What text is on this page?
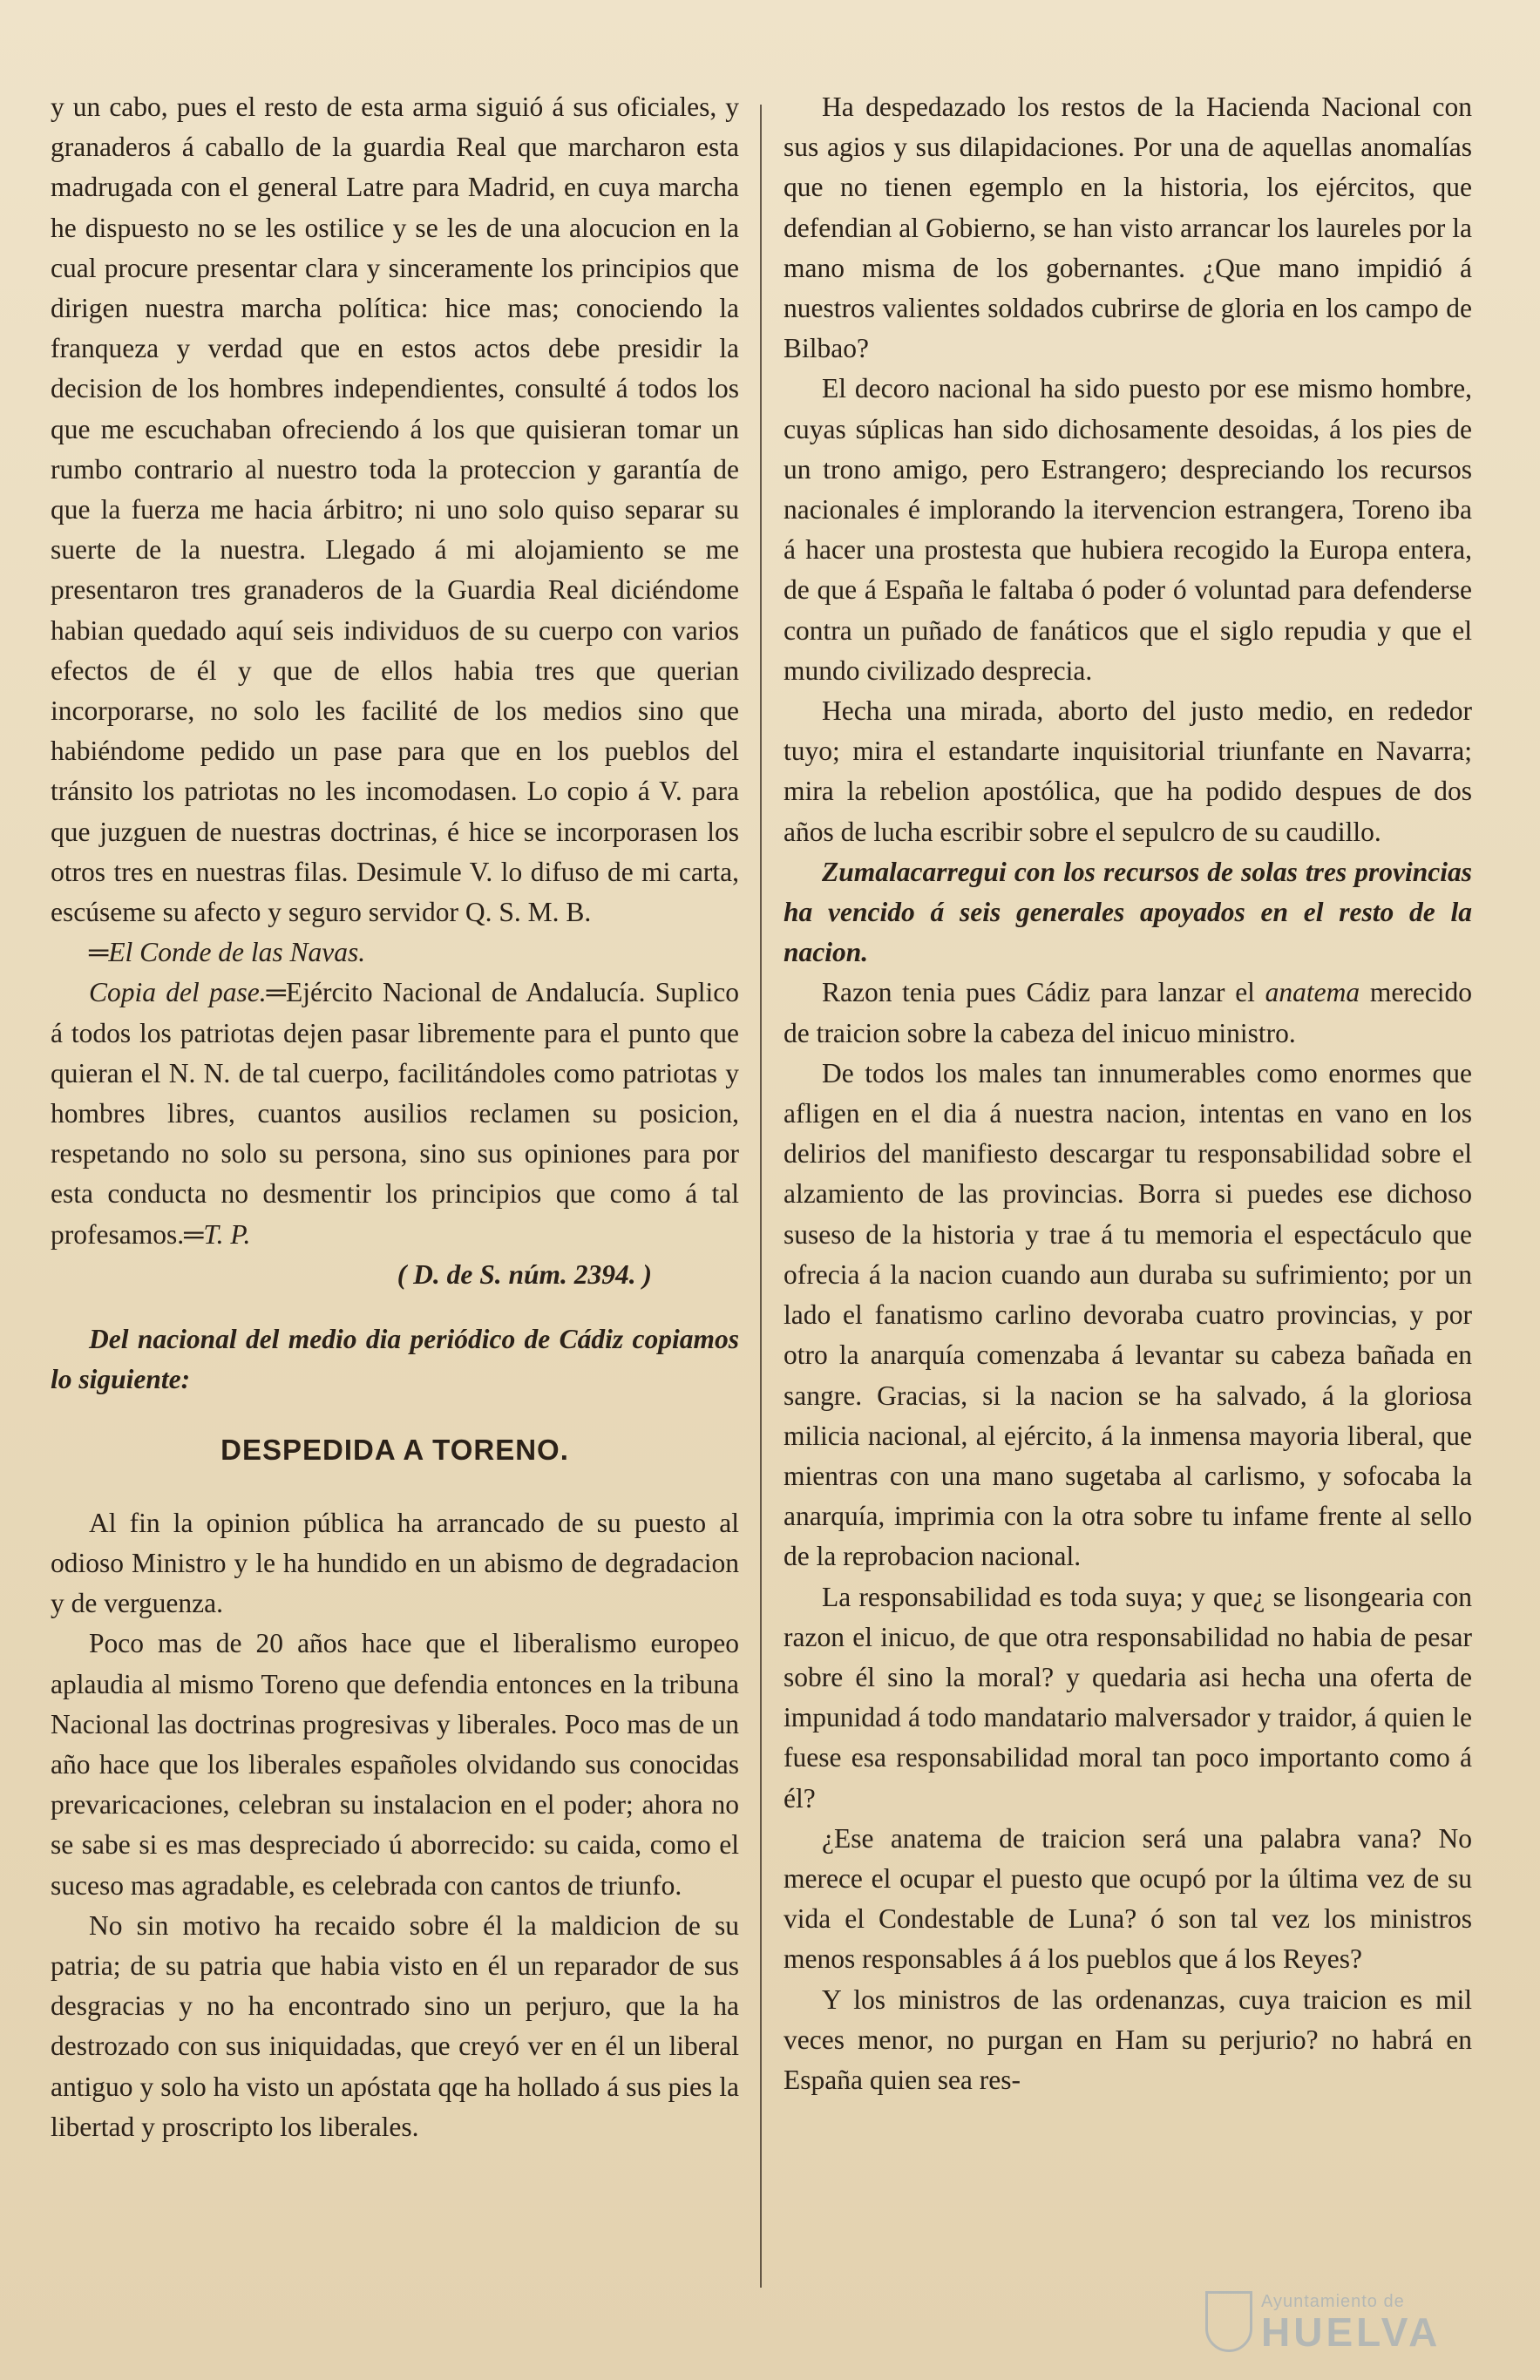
y un cabo, pues el resto de esta arma siguió á sus oficiales, y granaderos á caballo de la guardia Real que marcharon esta madrugada con el general Latre para Madrid, en cuya marcha he dispuesto no se les ostilice y se les de una alocucion en la cual procure presentar clara y sinceramente los principios que dirigen nuestra marcha política: hice mas; conociendo la franqueza y verdad que en estos actos debe presidir la decision de los hombres independientes, consulté á todos los que me escuchaban ofreciendo á los que quisieran tomar un rumbo contrario al nuestro toda la proteccion y garantía de que la fuerza me hacia árbitro; ni uno solo quiso separar su suerte de la nuestra. Llegado á mi alojamiento se me presentaron tres granaderos de la Guardia Real diciéndome habian quedado aquí seis individuos de su cuerpo con varios efectos de él y que de ellos habia tres que querian incorporarse, no solo les facilité de los medios sino que habiéndome pedido un pase para que en los pueblos del tránsito los patriotas no les incomodasen. Lo copio á V. para que juzguen de nuestras doctrinas, é hice se incorporasen los otros tres en nuestras filas. Desimule V. lo difuso de mi carta, escúseme su afecto y seguro servidor Q. S. M. B.

═El Conde de las Navas.

Copia del pase.═Ejército Nacional de Andalucía. Suplico á todos los patriotas dejen pasar libremente para el punto que quieran el N. N. de tal cuerpo, facilitándoles como patriotas y hombres libres, cuantos ausilios reclamen su posicion, respetando no solo su persona, sino sus opiniones para por esta conducta no desmentir los principios que como á tal profesamos.═T. P.

( D. de S. núm. 2394. )

Del nacional del medio dia periódico de Cádiz copiamos lo siguiente:

DESPEDIDA A TORENO.

Al fin la opinion pública ha arrancado de su puesto al odioso Ministro y le ha hundido en un abismo de degradacion y de verguenza.

Poco mas de 20 años hace que el liberalismo europeo aplaudia al mismo Toreno que defendia entonces en la tribuna Nacional las doctrinas progresivas y liberales. Poco mas de un año hace que los liberales españoles olvidando sus conocidas prevaricaciones, celebran su instalacion en el poder; ahora no se sabe si es mas despreciado ú aborrecido: su caida, como el suceso mas agradable, es celebrada con cantos de triunfo.

No sin motivo ha recaido sobre él la maldicion de su patria; de su patria que habia visto en él un reparador de sus desgracias y no ha encontrado sino un perjuro, que la ha destrozado con sus iniquidadas, que creyó ver en él un liberal antiguo y solo ha visto un apóstata qqe ha hollado á sus pies la libertad y proscripto los liberales.

Ha despedazado los restos de la Hacienda Nacional con sus agios y sus dilapidaciones. Por una de aquellas anomalías que no tienen egemplo en la historia, los ejércitos, que defendian al Gobierno, se han visto arrancar los laureles por la mano misma de los gobernantes. ¿Que mano impidió á nuestros valientes soldados cubrirse de gloria en los campo de Bilbao?

El decoro nacional ha sido puesto por ese mismo hombre, cuyas súplicas han sido dichosamente desoidas, á los pies de un trono amigo, pero Estrangero; despreciando los recursos nacionales é implorando la itervencion estrangera, Toreno iba á hacer una prostesta que hubiera recogido la Europa entera, de que á España le faltaba ó poder ó voluntad para defenderse contra un puñado de fanáticos que el siglo repudia y que el mundo civilizado desprecia.

Hecha una mirada, aborto del justo medio, en rededor tuyo; mira el estandarte inquisitorial triunfante en Navarra; mira la rebelion apostólica, que ha podido despues de dos años de lucha escribir sobre el sepulcro de su caudillo.

Zumalacarregui con los recursos de solas tres provincias ha vencido á seis generales apoyados en el resto de la nacion.

Razon tenia pues Cádiz para lanzar el anatema merecido de traicion sobre la cabeza del inicuo ministro.

De todos los males tan innumerables como enormes que afligen en el dia á nuestra nacion, intentas en vano en los delirios del manifiesto descargar tu responsabilidad sobre el alzamiento de las provincias. Borra si puedes ese dichoso suseso de la historia y trae á tu memoria el espectáculo que ofrecia á la nacion cuando aun duraba su sufrimiento; por un lado el fanatismo carlino devoraba cuatro provincias, y por otro la anarquía comenzaba á levantar su cabeza bañada en sangre. Gracias, si la nacion se ha salvado, á la gloriosa milicia nacional, al ejército, á la inmensa mayoria liberal, que mientras con una mano sugetaba al carlismo, y sofocaba la anarquía, imprimia con la otra sobre tu infame frente al sello de la reprobacion nacional.

La responsabilidad es toda suya; y que¿ se lisongearia con razon el inicuo, de que otra responsabilidad no habia de pesar sobre él sino la moral? y quedaria asi hecha una oferta de impunidad á todo mandatario malversador y traidor, á quien le fuese esa responsabilidad moral tan poco importanto como á él?

¿Ese anatema de traicion será una palabra vana? No merece el ocupar el puesto que ocupó por la última vez de su vida el Condestable de Luna? ó son tal vez los ministros menos responsables á á los pueblos que á los Reyes?

Y los ministros de las ordenanzas, cuya traicion es mil veces menor, no purgan en Ham su perjurio? no habrá en España quien sea res-

Ayuntamiento de
HUELVA
